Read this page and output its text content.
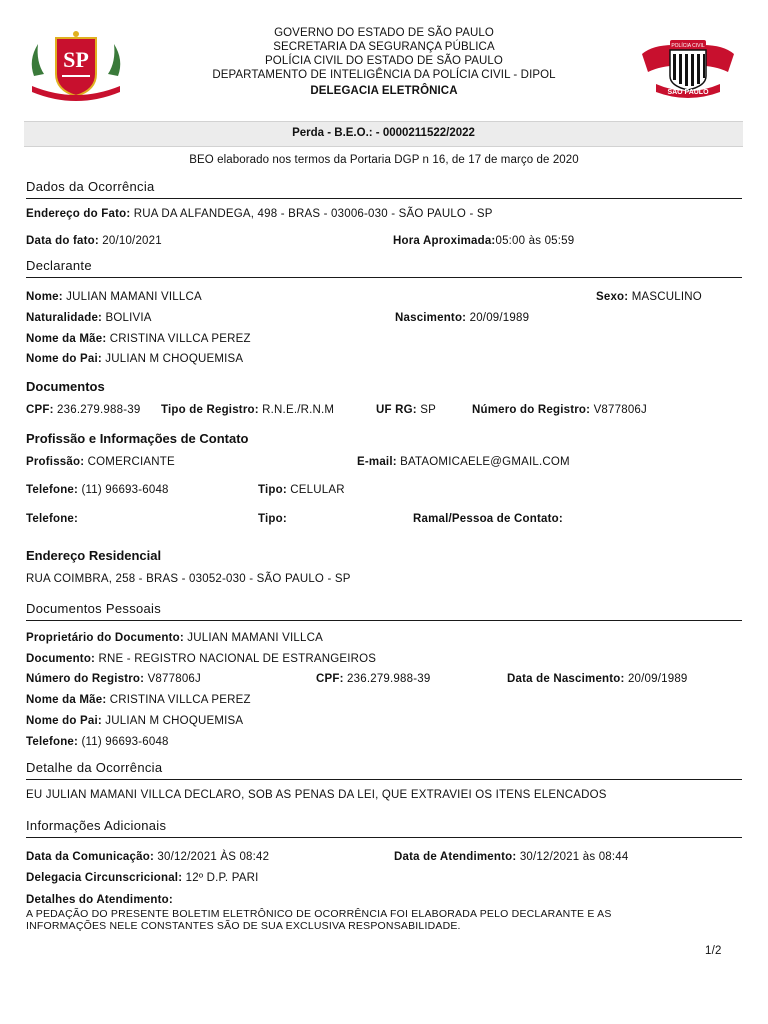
SP
GOVERNO DO ESTADO DE SÃO PAULO
SECRETARIA DA SEGURANÇA PÚBLICA
POLÍCIA CIVIL DO ESTADO DE SÃO PAULO
DEPARTAMENTO DE INTELIGÊNCIA DA POLÍCIA CIVIL - DIPOL
DELEGACIA ELETRÔNICA
POLÍCIA CIVIL
SÃO PAULO
Perda - B.E.O.: - 0000211522/2022
BEO elaborado nos termos da Portaria DGP n 16, de 17 de março de 2020
Dados da Ocorrência
Endereço do Fato: RUA DA ALFANDEGA, 498 - BRAS - 03006-030 - SÃO PAULO - SP
Data do fato: 20/10/2021	Hora Aproximada:05:00 às 05:59
Declarante
Nome: JULIAN MAMANI VILLCA	Sexo: MASCULINO
Naturalidade: BOLIVIA	Nascimento: 20/09/1989
Nome da Mãe: CRISTINA VILLCA PEREZ
Nome do Pai: JULIAN M CHOQUEMISA
Documentos
CPF: 236.279.988-39 Tipo de Registro: R.N.E./R.N.M	UF RG: SP	Número do Registro: V877806J
Profissão e Informações de Contato
Profissão: COMERCIANTE	E-mail: BATAOMICAELE@GMAIL.COM
Telefone: (11) 96693-6048	Tipo: CELULAR
Telefone:	Tipo:	Ramal/Pessoa de Contato:
Endereço Residencial
RUA COIMBRA, 258 - BRAS - 03052-030 - SÃO PAULO - SP
Documentos Pessoais
Proprietário do Documento: JULIAN MAMANI VILLCA
Documento: RNE - REGISTRO NACIONAL DE ESTRANGEIROS
Número do Registro: V877806J	CPF: 236.279.988-39	Data de Nascimento: 20/09/1989
Nome da Mãe: CRISTINA VILLCA PEREZ
Nome do Pai: JULIAN M CHOQUEMISA
Telefone: (11) 96693-6048
Detalhe da Ocorrência
EU JULIAN MAMANI VILLCA DECLARO, SOB AS PENAS DA LEI, QUE EXTRAVIEI OS ITENS ELENCADOS
Informações Adicionais
Data da Comunicação: 30/12/2021 ÀS 08:42	Data de Atendimento: 30/12/2021 às 08:44
Delegacia Circunscricional: 12º D.P. PARI
Detalhes do Atendimento:
A PEDAÇÃO DO PRESENTE BOLETIM ELETRÔNICO DE OCORRÊNCIA FOI ELABORADA PELO DECLARANTE E AS
INFORMAÇÕES NELE CONSTANTES SÃO DE SUA EXCLUSIVA RESPONSABILIDADE.
1/2
